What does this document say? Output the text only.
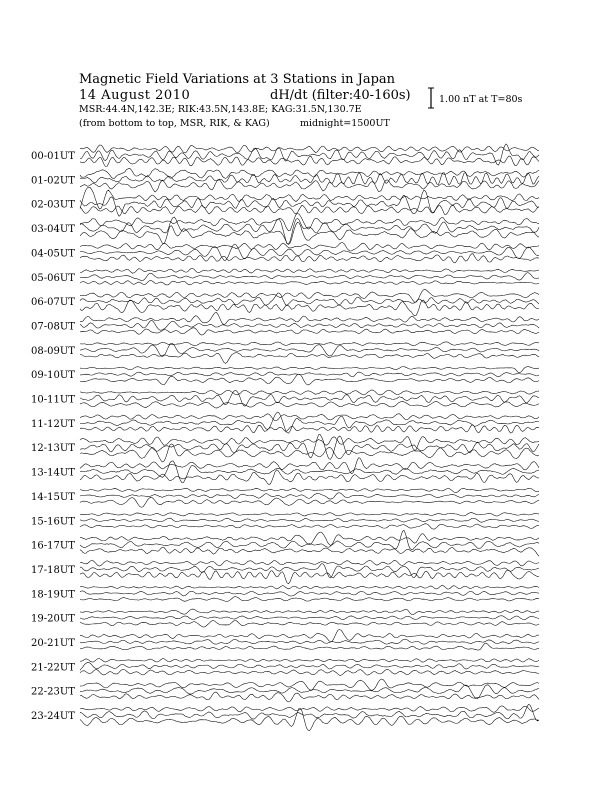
Magnetic Field Variations at 3 Stations in Japan
14 August 2010	dH/dt (filter:40-160s)
MSR:44.4N,142.3E; RIK:43.5N,143.8E; KAG:31.5N,130.7E
(from bottom to top, MSR, RIK, & KAG)	midnight=1500UT
1.00 nT at T=80s
00-01UT
01-02UT
02-03UT
03-04UT
04-05UT
05-06UT
06-07UT
07-08UT
08-09UT
09-10UT
10-11UT
11-12UT
12-13UT
13-14UT
14-15UT
15-16UT
16-17UT
17-18UT
18-19UT
19-20UT
20-21UT
21-22UT
22-23UT
23-24UT
